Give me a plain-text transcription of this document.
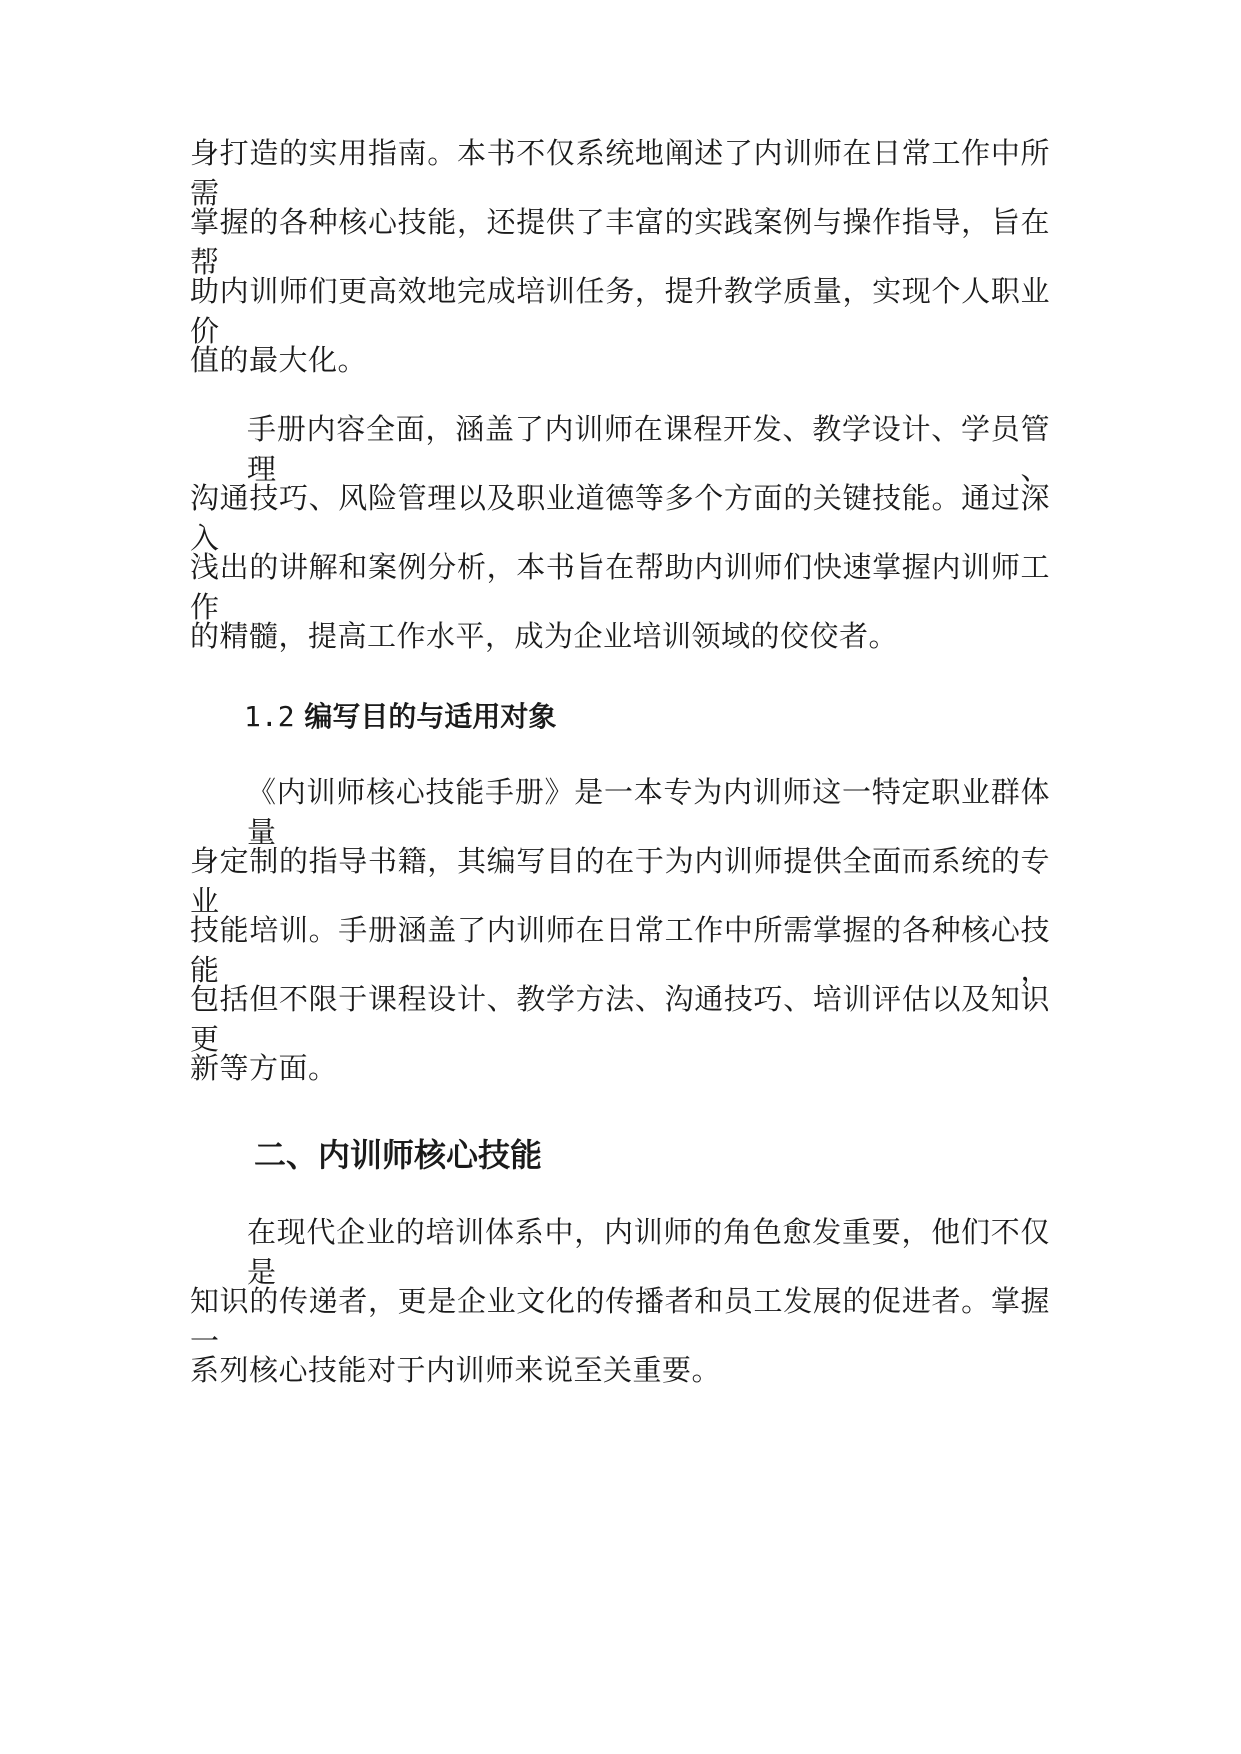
身打造的实用指南。本书不仅系统地阐述了内训师在日常工作中所需
掌握的各种核心技能，还提供了丰富的实践案例与操作指导，旨在帮
助内训师们更高效地完成培训任务，提升教学质量，实现个人职业价
值的最大化。
手册内容全面，涵盖了内训师在课程开发、教学设计、学员管理、
沟通技巧、风险管理以及职业道德等多个方面的关键技能。通过深入
浅出的讲解和案例分析，本书旨在帮助内训师们快速掌握内训师工作
的精髓，提高工作水平，成为企业培训领域的佼佼者。
1.2 编写目的与适用对象
《内训师核心技能手册》是一本专为内训师这一特定职业群体量
身定制的指导书籍，其编写目的在于为内训师提供全面而系统的专业
技能培训。手册涵盖了内训师在日常工作中所需掌握的各种核心技能，
包括但不限于课程设计、教学方法、沟通技巧、培训评估以及知识更
新等方面。
二、内训师核心技能
在现代企业的培训体系中，内训师的角色愈发重要，他们不仅是
知识的传递者，更是企业文化的传播者和员工发展的促进者。掌握一
系列核心技能对于内训师来说至关重要。
